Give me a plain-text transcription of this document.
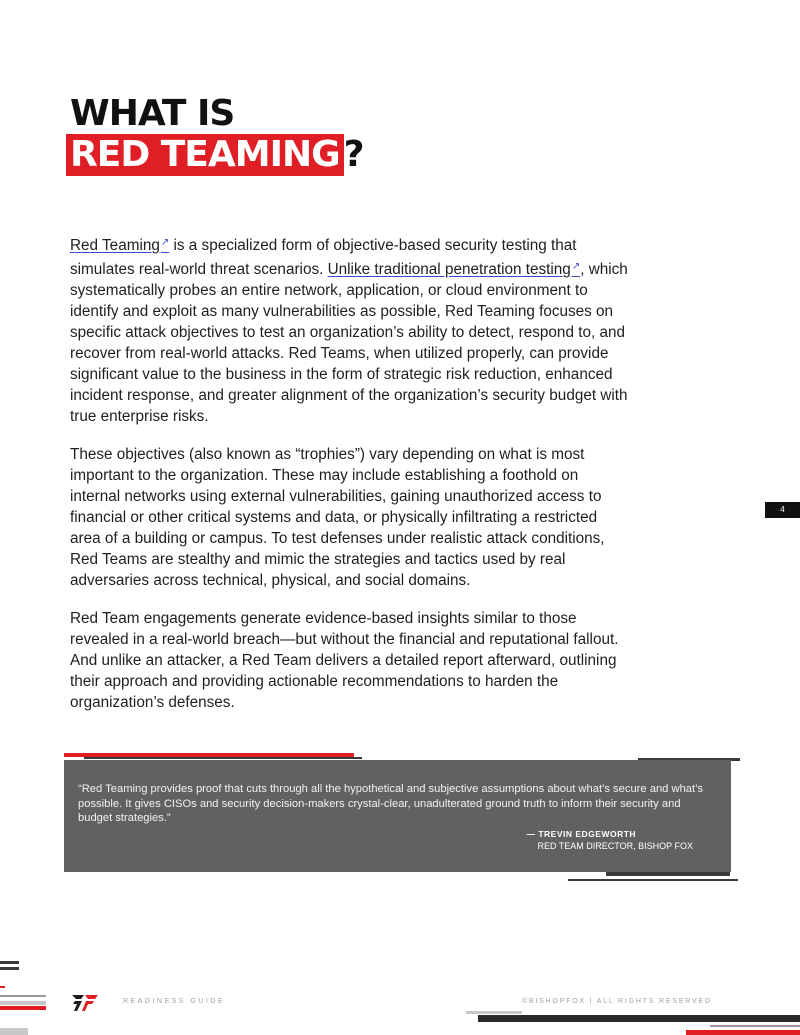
WHAT IS
RED TEAMING ?

Red Teaming↗ is a specialized form of objective-based security testing that simulates real-world threat scenarios. Unlike traditional penetration testing↗, which systematically probes an entire network, application, or cloud environment to identify and exploit as many vulnerabilities as possible, Red Teaming focuses on specific attack objectives to test an organization’s ability to detect, respond to, and recover from real-world attacks. Red Teams, when utilized properly, can provide significant value to the business in the form of strategic risk reduction, enhanced incident response, and greater alignment of the organization’s security budget with true enterprise risks.

These objectives (also known as “trophies”) vary depending on what is most important to the organization. These may include establishing a foothold on internal networks using external vulnerabilities, gaining unauthorized access to financial or other critical systems and data, or physically infiltrating a restricted area of a building or campus. To test defenses under realistic attack conditions, Red Teams are stealthy and mimic the strategies and tactics used by real adversaries across technical, physical, and social domains.

Red Team engagements generate evidence-based insights similar to those revealed in a real-world breach—but without the financial and reputational fallout. And unlike an attacker, a Red Team delivers a detailed report afterward, outlining their approach and providing actionable recommendations to harden the organization’s defenses.

4

“Red Teaming provides proof that cuts through all the hypothetical and subjective assumptions about what’s secure and what’s possible. It gives CISOs and security decision-makers crystal-clear, unadulterated ground truth to inform their security and budget strategies.”

— TREVIN EDGEWORTH
RED TEAM DIRECTOR, BISHOP FOX
READINESS GUIDE	©BISHOPFOX | ALL RIGHTS RESERVED
